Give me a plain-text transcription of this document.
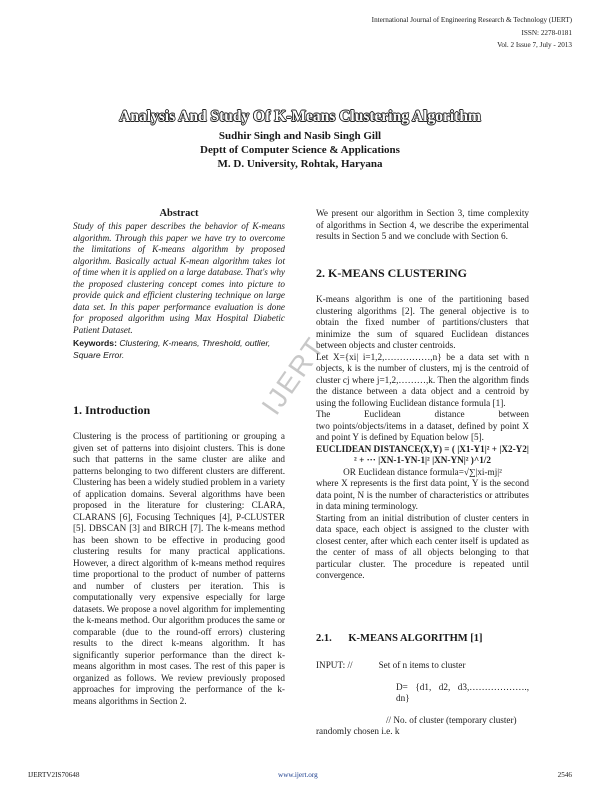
International Journal of Engineering Research & Technology (IJERT)
ISSN: 2278-0181
Vol. 2 Issue 7, July - 2013
Analysis And Study Of K-Means Clustering Algorithm
Sudhir Singh and Nasib Singh Gill
Deptt of Computer Science & Applications
M. D. University, Rohtak, Haryana
IJERT
Abstract

Study of this paper describes the behavior of K-means algorithm. Through this paper we have try to overcome the limitations of K-means algorithm by proposed algorithm. Basically actual K-mean algorithm takes lot of time when it is applied on a large database. That's why the proposed clustering concept comes into picture to provide quick and efficient clustering technique on large data set. In this paper performance evaluation is done for proposed algorithm using Max Hospital Diabetic Patient Dataset.

Keywords: Clustering, K-means, Threshold, outlier, Square Error.

1. Introduction

Clustering is the process of partitioning or grouping a given set of patterns into disjoint clusters. This is done such that patterns in the same cluster are alike and patterns belonging to two different clusters are different. Clustering has been a widely studied problem in a variety of application domains. Several algorithms have been proposed in the literature for clustering: CLARA, CLARANS [6], Focusing Techniques [4], P-CLUSTER [5]. DBSCAN [3] and BIRCH [7]. The k-means method has been shown to be effective in producing good clustering results for many practical applications. However, a direct algorithm of k-means method requires time proportional to the product of number of patterns and number of clusters per iteration. This is computationally very expensive especially for large datasets. We propose a novel algorithm for implementing the k-means method. Our algorithm produces the same or comparable (due to the round-off errors) clustering results to the direct k-means algorithm. It has significantly superior performance than the direct k-means algorithm in most cases. The rest of this paper is organized as follows. We review previously proposed approaches for improving the performance of the k-means algorithms in Section 2.

We present our algorithm in Section 3, time complexity of algorithms in Section 4, we describe the experimental results in Section 5 and we conclude with Section 6.

2. K-MEANS CLUSTERING

K-means algorithm is one of the partitioning based clustering algorithms [2]. The general objective is to obtain the fixed number of partitions/clusters that minimize the sum of squared Euclidean distances between objects and cluster centroids.

Let X={xi| i=1,2,……………,n} be a data set with n objects, k is the number of clusters, mj is the centroid of cluster cj where j=1,2,………,k. Then the algorithm finds the distance between a data object and a centroid by using the following Euclidean distance formula [1].

The Euclidean distance between

two points/objects/items in a dataset, defined by point X and point Y is defined by Equation below [5].

EUCLIDEAN DISTANCE(X,Y) = ( |X1-Y1|² + |X2-Y2|² + ··· |XN-1-YN-1|² |XN-YN|² )^1/2

OR Euclidean distance formula=√∑|xi-mj|²

where X represents is the first data point, Y is the second data point, N is the number of characteristics or attributes in data mining terminology.

Starting from an initial distribution of cluster centers in data space, each object is assigned to the cluster with closest center, after which each center itself is updated as the center of mass of all objects belonging to that particular cluster. The procedure is repeated until convergence.

2.1. K-MEANS ALGORITHM [1]

INPUT: //	Set of n items to cluster

D= {d1, d2, d3,………………., dn}

// No. of cluster (temporary cluster)

randomly chosen i.e. k

IJERTV2IS70648	www.ijert.org	2546
